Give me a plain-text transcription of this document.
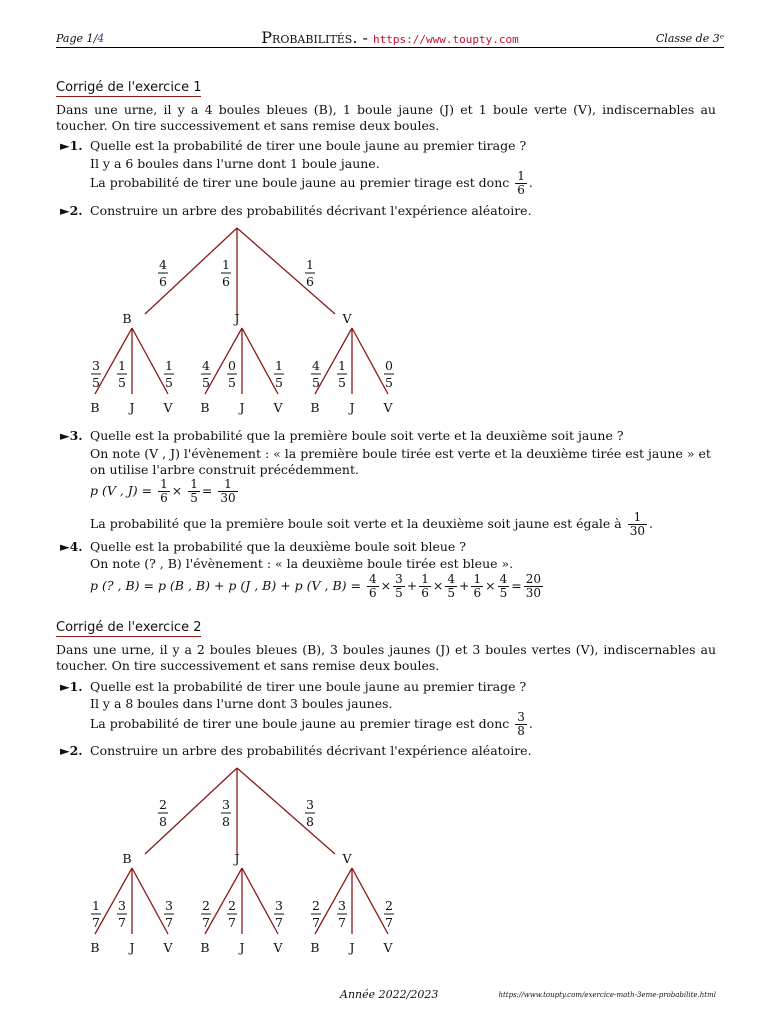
Page 1/4	Probabilités. - https://www.toupty.com	Classe de 3ᵉ
Corrigé de l'exercice 1
Dans une urne, il y a 4 boules bleues (B), 1 boule jaune (J) et 1 boule verte (V), indiscernables au toucher. On tire successivement et sans remise deux boules.
►1. Quelle est la probabilité de tirer une boule jaune au premier tirage ?
Il y a 6 boules dans l'urne dont 1 boule jaune.
La probabilité de tirer une boule jaune au premier tirage est donc $\frac{1}{6}$ .
►2. Construire un arbre des probabilités décrivant l'expérience aléatoire.
4
6
B
3
5
B
1
5
J
1
5
V
1
6
J
4
5
B
0
5
J
1
5
V
1
6
V
4
5
B
1
5
J
0
5
V
►3. Quelle est la probabilité que la première boule soit verte et la deuxième soit jaune ?
On note (V , J) l'évènement : « la première boule tirée est verte et la deuxième tirée est jaune » et on utilise l'arbre construit précédemment.
p (V , $J) = \frac{1}{6} \times \frac{1}{5} = \frac{1}{30}$
La probabilité que la première boule soit verte et la deuxième soit jaune est égale à $\frac{1}{30}$ .
►4. Quelle est la probabilité que la deuxième boule soit bleue ?
On note (? , B) l'évènement : « la deuxième boule tirée est bleue ».
p (? , B) = p (B , B) + p (J , B) + p (V , $B) = \frac{4}{6} \times \frac{3}{5} + \frac{1}{6} \times \frac{4}{5} + \frac{1}{6} \times \frac{4}{5} = \frac{20}{30}$
Corrigé de l'exercice 2
Dans une urne, il y a 2 boules bleues (B), 3 boules jaunes (J) et 3 boules vertes (V), indiscernables au toucher. On tire successivement et sans remise deux boules.
►1. Quelle est la probabilité de tirer une boule jaune au premier tirage ?
Il y a 8 boules dans l'urne dont 3 boules jaunes.
La probabilité de tirer une boule jaune au premier tirage est donc $\frac{3}{8}$ .
►2. Construire un arbre des probabilités décrivant l'expérience aléatoire.
2
8
B
1
7
B
3
7
J
3
7
V
3
8
J
2
7
B
2
7
J
3
7
V
3
8
V
2
7
B
3
7
J
2
7
V
Année 2022/2023	https://www.toupty.com/exercice-math-3eme-probabilite.html
